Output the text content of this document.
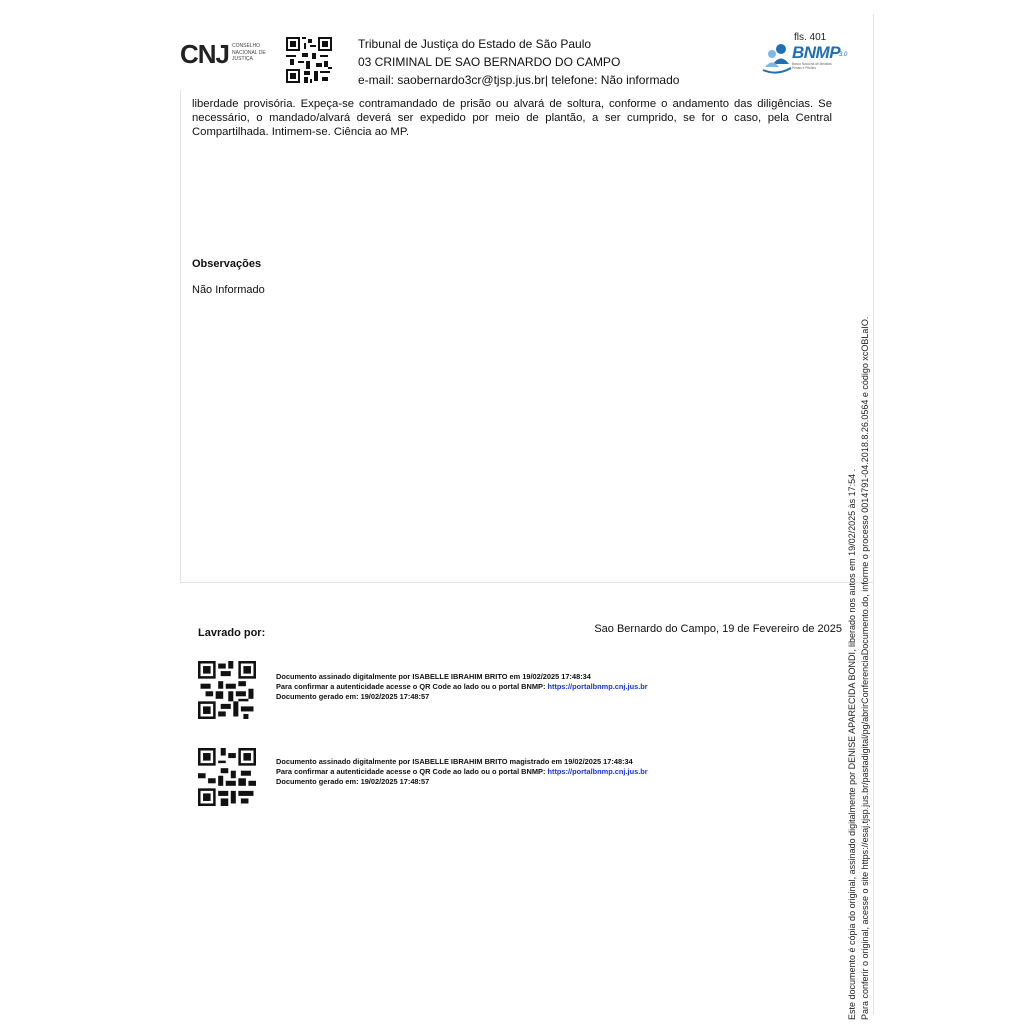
CNJ CONSELHO NACIONAL DE JUSTIÇA
Tribunal de Justiça do Estado de São Paulo
03 CRIMINAL DE SAO BERNARDO DO CAMPO
e-mail: saobernardo3cr@tjsp.jus.br| telefone: Não informado
fls. 401
BNMP
3.0
Banco Nacional de Medidas Penais e Prisões
liberdade provisória. Expeça-se contramandado de prisão ou alvará de soltura, conforme o andamento das diligências. Se necessário, o mandado/alvará deverá ser expedido por meio de plantão, a ser cumprido, se for o caso, pela Central Compartilhada. Intimem-se. Ciência ao MP.
Observações
Não Informado
Lavrado por:	Sao Bernardo do Campo, 19 de Fevereiro de 2025
Documento assinado digitalmente por ISABELLE IBRAHIM BRITO em 19/02/2025 17:48:34
Para confirmar a autenticidade acesse o QR Code ao lado ou o portal BNMP: https://portalbnmp.cnj.jus.br
Documento gerado em: 19/02/2025 17:48:57
Documento assinado digitalmente por ISABELLE IBRAHIM BRITO magistrado em 19/02/2025 17:48:34
Para confirmar a autenticidade acesse o QR Code ao lado ou o portal BNMP: https://portalbnmp.cnj.jus.br
Documento gerado em: 19/02/2025 17:48:57	Este documento é cópia do original, assinado digitalmente por DENISE APARECIDA BONDI, liberado nos autos em 19/02/2025 às 17:54 . Para conferir o original, acesse o site https://esaj.tjsp.jus.br/pastadigital/pg/abrirConferenciaDocumento.do, informe o processo 0014791-04.2018.8.26.0564 e código xcOBLaIO.
